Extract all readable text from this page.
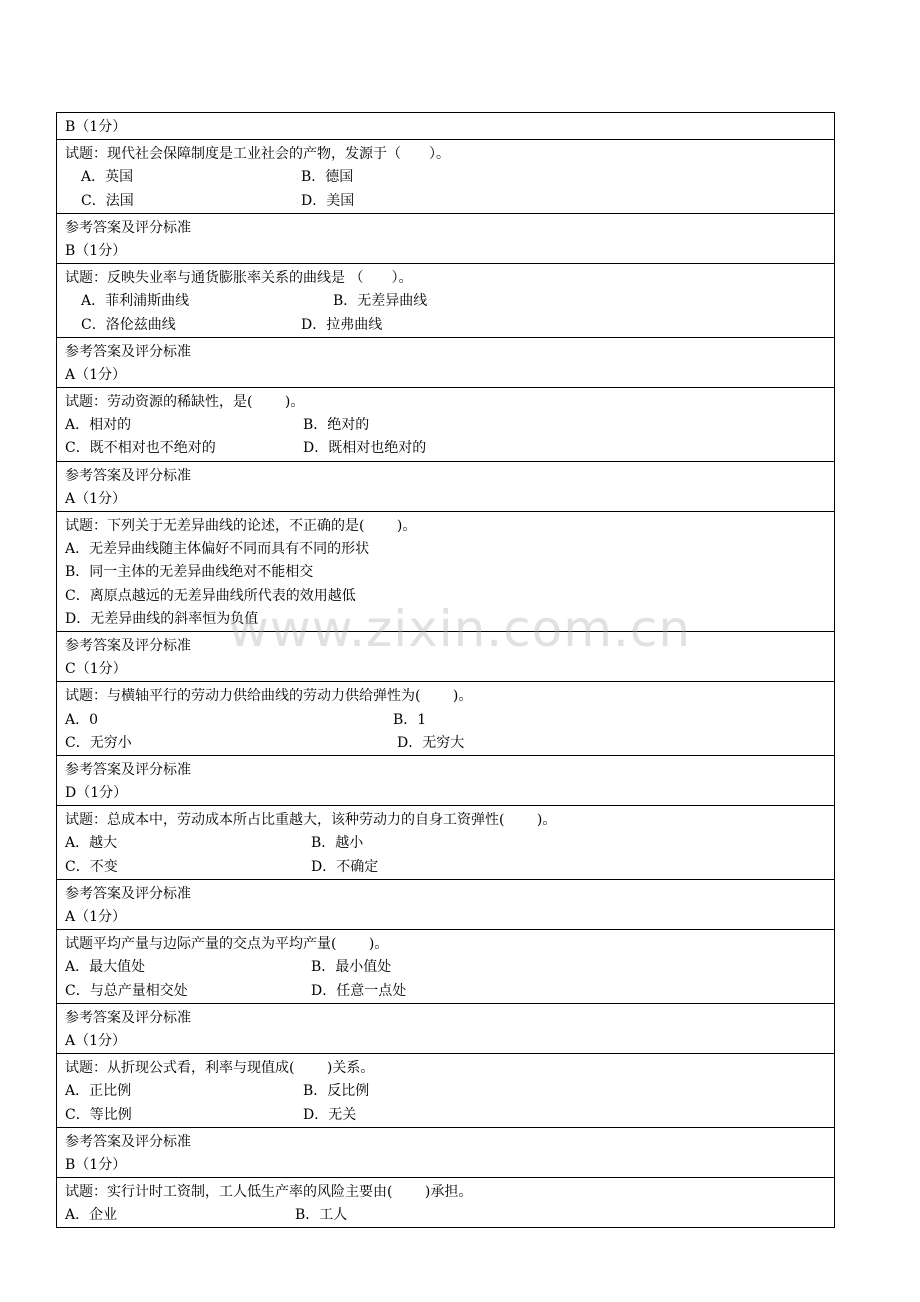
B（1分）
试题：现代社会保障制度是工业社会的产物，发源于（　　）。
A．英国	B．德国
C．法国	D．美国
参考答案及评分标准
B（1分）
试题：反映失业率与通货膨胀率关系的曲线是 （　　）。
A．菲利浦斯曲线	B．无差异曲线
C．洛伦兹曲线	D．拉弗曲线
参考答案及评分标准
A（1分）
试题：劳动资源的稀缺性，是(　　 )。
A．相对的	B．绝对的
C．既不相对也不绝对的	D．既相对也绝对的
参考答案及评分标准
A（1分）
试题：下列关于无差异曲线的论述，不正确的是(　　 )。
A．无差异曲线随主体偏好不同而具有不同的形状
B．同一主体的无差异曲线绝对不能相交
C．离原点越远的无差异曲线所代表的效用越低
D．无差异曲线的斜率恒为负值
参考答案及评分标准
C（1分）
试题：与横轴平行的劳动力供给曲线的劳动力供给弹性为(　　 )。
A．0	B．1
C．无穷小	D．无穷大
参考答案及评分标准
D（1分）
试题：总成本中，劳动成本所占比重越大，该种劳动力的自身工资弹性(　　 )。
A．越大	B．越小
C．不变	D．不确定
参考答案及评分标准
A（1分）
试题平均产量与边际产量的交点为平均产量(　　 )。
A．最大值处	B．最小值处
C．与总产量相交处	D．任意一点处
参考答案及评分标准
A（1分）
试题：从折现公式看，利率与现值成(　　 )关系。
A．正比例	B．反比例
C．等比例	D．无关
参考答案及评分标准
B（1分）
试题：实行计时工资制，工人低生产率的风险主要由(　　 )承担。
A．企业	B．工人
www.zixin.com.cn
